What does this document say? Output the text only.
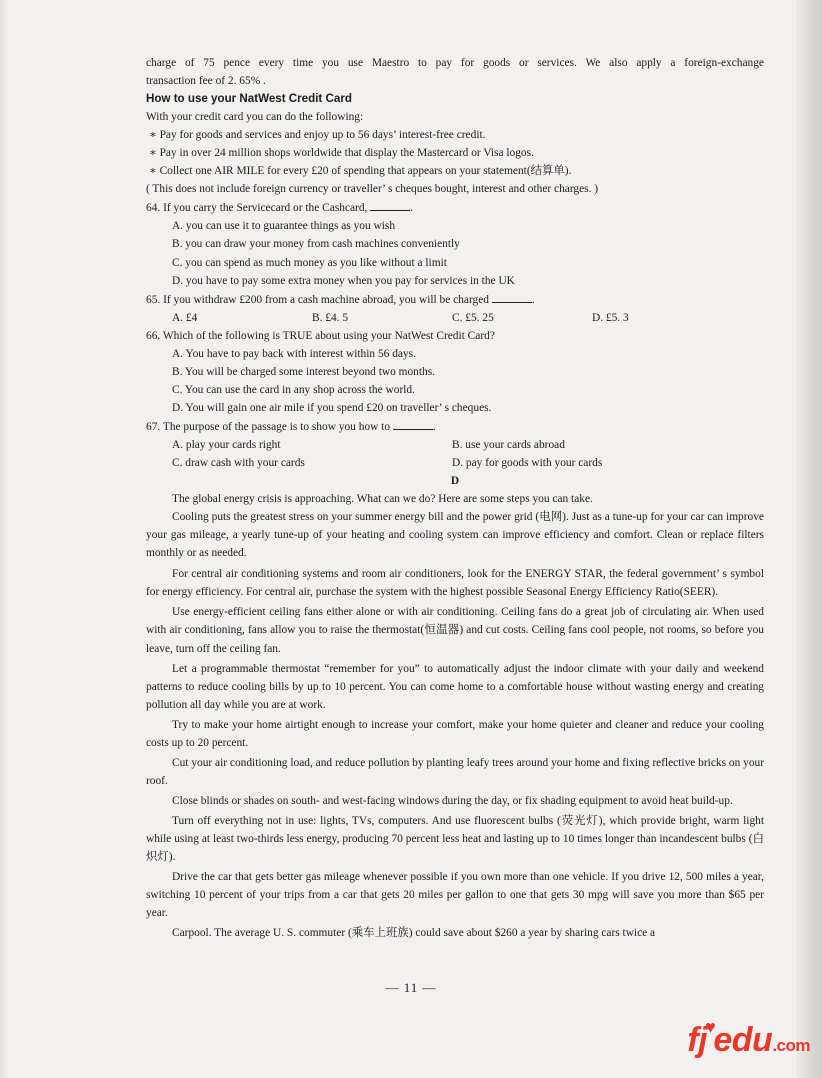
charge of 75 pence every time you use Maestro to pay for goods or services. We also apply a foreign-exchange
transaction fee of 2. 65% .
How to use your NatWest Credit Card
With your credit card you can do the following:
∗ Pay for goods and services and enjoy up to 56 days’ interest-free credit.
∗ Pay in over 24 million shops worldwide that display the Mastercard or Visa logos.
∗ Collect one AIR MILE for every £20 of spending that appears on your statement(结算单).
( This does not include foreign currency or traveller’ s cheques bought, interest and other charges. )
64. If you carry the Servicecard or the Cashcard,	.
A. you can use it to guarantee things as you wish
B. you can draw your money from cash machines conveniently
C. you can spend as much money as you like without a limit
D. you have to pay some extra money when you pay for services in the UK
65. If you withdraw £200 from a cash machine abroad, you will be charged	.
A. £4	B. £4. 5	C. £5. 25	D. £5. 3
66. Which of the following is TRUE about using your NatWest Credit Card?
A. You have to pay back with interest within 56 days.
B. You will be charged some interest beyond two months.
C. You can use the card in any shop across the world.
D. You will gain one air mile if you spend £20 on traveller’ s cheques.
67. The purpose of the passage is to show you how to	.
A. play your cards right	B. use your cards abroad
C. draw cash with your cards	D. pay for goods with your cards
D
The global energy crisis is approaching. What can we do? Here are some steps you can take.
Cooling puts the greatest stress on your summer energy bill and the power grid (电网). Just as a tune-up for your car can improve your gas mileage, a yearly tune-up of your heating and cooling system can improve efficiency and comfort. Clean or replace filters monthly or as needed.
For central air conditioning systems and room air conditioners, look for the ENERGY STAR, the federal government’ s symbol for energy efficiency. For central air, purchase the system with the highest possible Seasonal Energy Efficiency Ratio(SEER).
Use energy-efficient ceiling fans either alone or with air conditioning. Ceiling fans do a great job of circulating air. When used with air conditioning, fans allow you to raise the thermostat(恒温器) and cut costs. Ceiling fans cool people, not rooms, so before you leave, turn off the ceiling fan.
Let a programmable thermostat “remember for you” to automatically adjust the indoor climate with your daily and weekend patterns to reduce cooling bills by up to 10 percent. You can come home to a comfortable house without wasting energy and creating pollution all day while you are at work.
Try to make your home airtight enough to increase your comfort, make your home quieter and cleaner and reduce your cooling costs up to 20 percent.
Cut your air conditioning load, and reduce pollution by planting leafy trees around your home and fixing reflective bricks on your roof.
Close blinds or shades on south- and west-facing windows during the day, or fix shading equipment to avoid heat build-up.
Turn off everything not in use: lights, TVs, computers. And use fluorescent bulbs (荧光灯), which provide bright, warm light while using at least two-thirds less energy, producing 70 percent less heat and lasting up to 10 times longer than incandescent bulbs (白炽灯).
Drive the car that gets better gas mileage whenever possible if you own more than one vehicle. If you drive 12, 500 miles a year, switching 10 percent of your trips from a car that gets 20 miles per gallon to one that gets 30 mpg will save you more than $65 per year.
Carpool. The average U. S. commuter (乘车上班族) could save about $260 a year by sharing cars twice a
— 11 —
fj♥edu.com
